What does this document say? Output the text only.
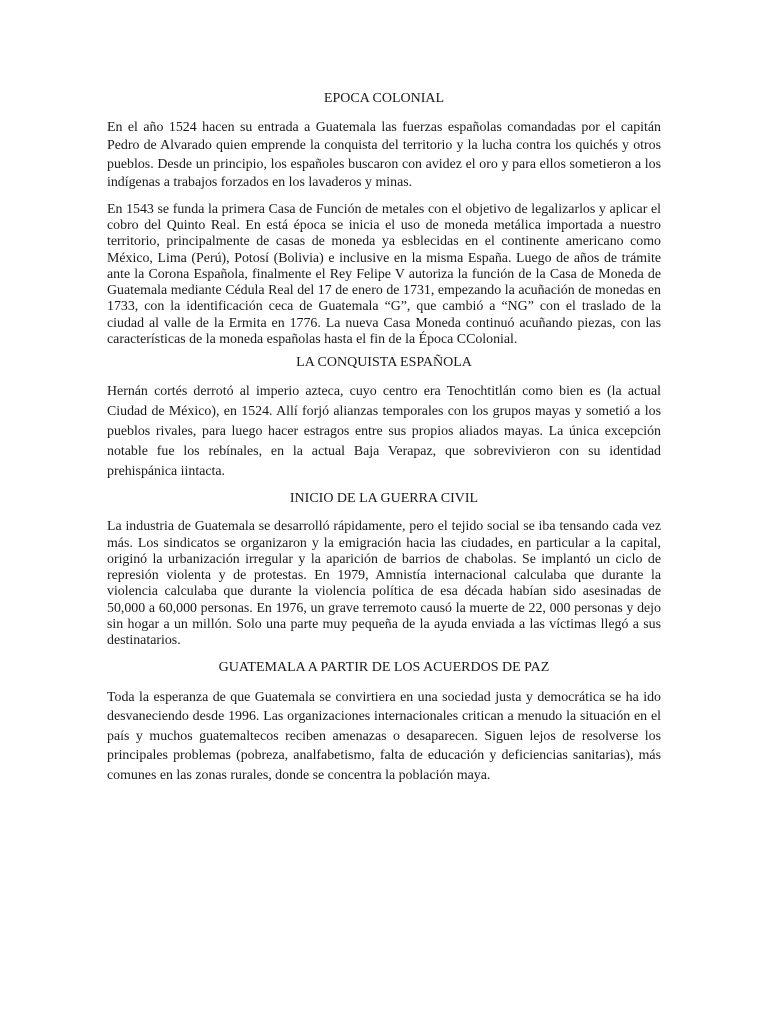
EPOCA COLONIAL

En el año 1524 hacen su entrada a Guatemala las fuerzas españolas comandadas por el capitán Pedro de Alvarado quien emprende la conquista del territorio y la lucha contra los quichés y otros pueblos. Desde un principio, los españoles buscaron con avidez el oro y para ellos sometieron a los indígenas a trabajos forzados en los lavaderos y minas.

En 1543 se funda la primera Casa de Función de metales con el objetivo de legalizarlos y aplicar el cobro del Quinto Real. En está época se inicia el uso de moneda metálica importada a nuestro territorio, principalmente de casas de moneda ya esblecidas en el continente americano como México, Lima (Perú), Potosí (Bolivia) e inclusive en la misma España. Luego de años de trámite ante la Corona Española, finalmente el Rey Felipe V autoriza la función de la Casa de Moneda de Guatemala mediante Cédula Real del 17 de enero de 1731, empezando la acuñación de monedas en 1733, con la identificación ceca de Guatemala “G”, que cambió a “NG” con el traslado de la ciudad al valle de la Ermita en 1776. La nueva Casa Moneda continuó acuñando piezas, con las características de la moneda españolas hasta el fin de la Época CColonial.

LA CONQUISTA ESPAÑOLA

Hernán cortés derrotó al imperio azteca, cuyo centro era Tenochtitlán como bien es (la actual Ciudad de México), en 1524. Allí forjó alianzas temporales con los grupos mayas y sometió a los pueblos rivales, para luego hacer estragos entre sus propios aliados mayas. La única excepción notable fue los rebínales, en la actual Baja Verapaz, que sobrevivieron con su identidad prehispánica iintacta.

INICIO DE LA GUERRA CIVIL

La industria de Guatemala se desarrolló rápidamente, pero el tejido social se iba tensando cada vez más. Los sindicatos se organizaron y la emigración hacia las ciudades, en particular a la capital, originó la urbanización irregular y la aparición de barrios de chabolas. Se implantó un ciclo de represión violenta y de protestas. En 1979, Amnistía internacional calculaba que durante la violencia calculaba que durante la violencia política de esa década habían sido asesinadas de 50,000 a 60,000 personas. En 1976, un grave terremoto causó la muerte de 22, 000 personas y dejo sin hogar a un millón. Solo una parte muy pequeña de la ayuda enviada a las víctimas llegó a sus destinatarios.

GUATEMALA A PARTIR DE LOS ACUERDOS DE PAZ

Toda la esperanza de que Guatemala se convirtiera en una sociedad justa y democrática se ha ido desvaneciendo desde 1996. Las organizaciones internacionales critican a menudo la situación en el país y muchos guatemaltecos reciben amenazas o desaparecen. Siguen lejos de resolverse los principales problemas (pobreza, analfabetismo, falta de educación y deficiencias sanitarias), más comunes en las zonas rurales, donde se concentra la población maya.
